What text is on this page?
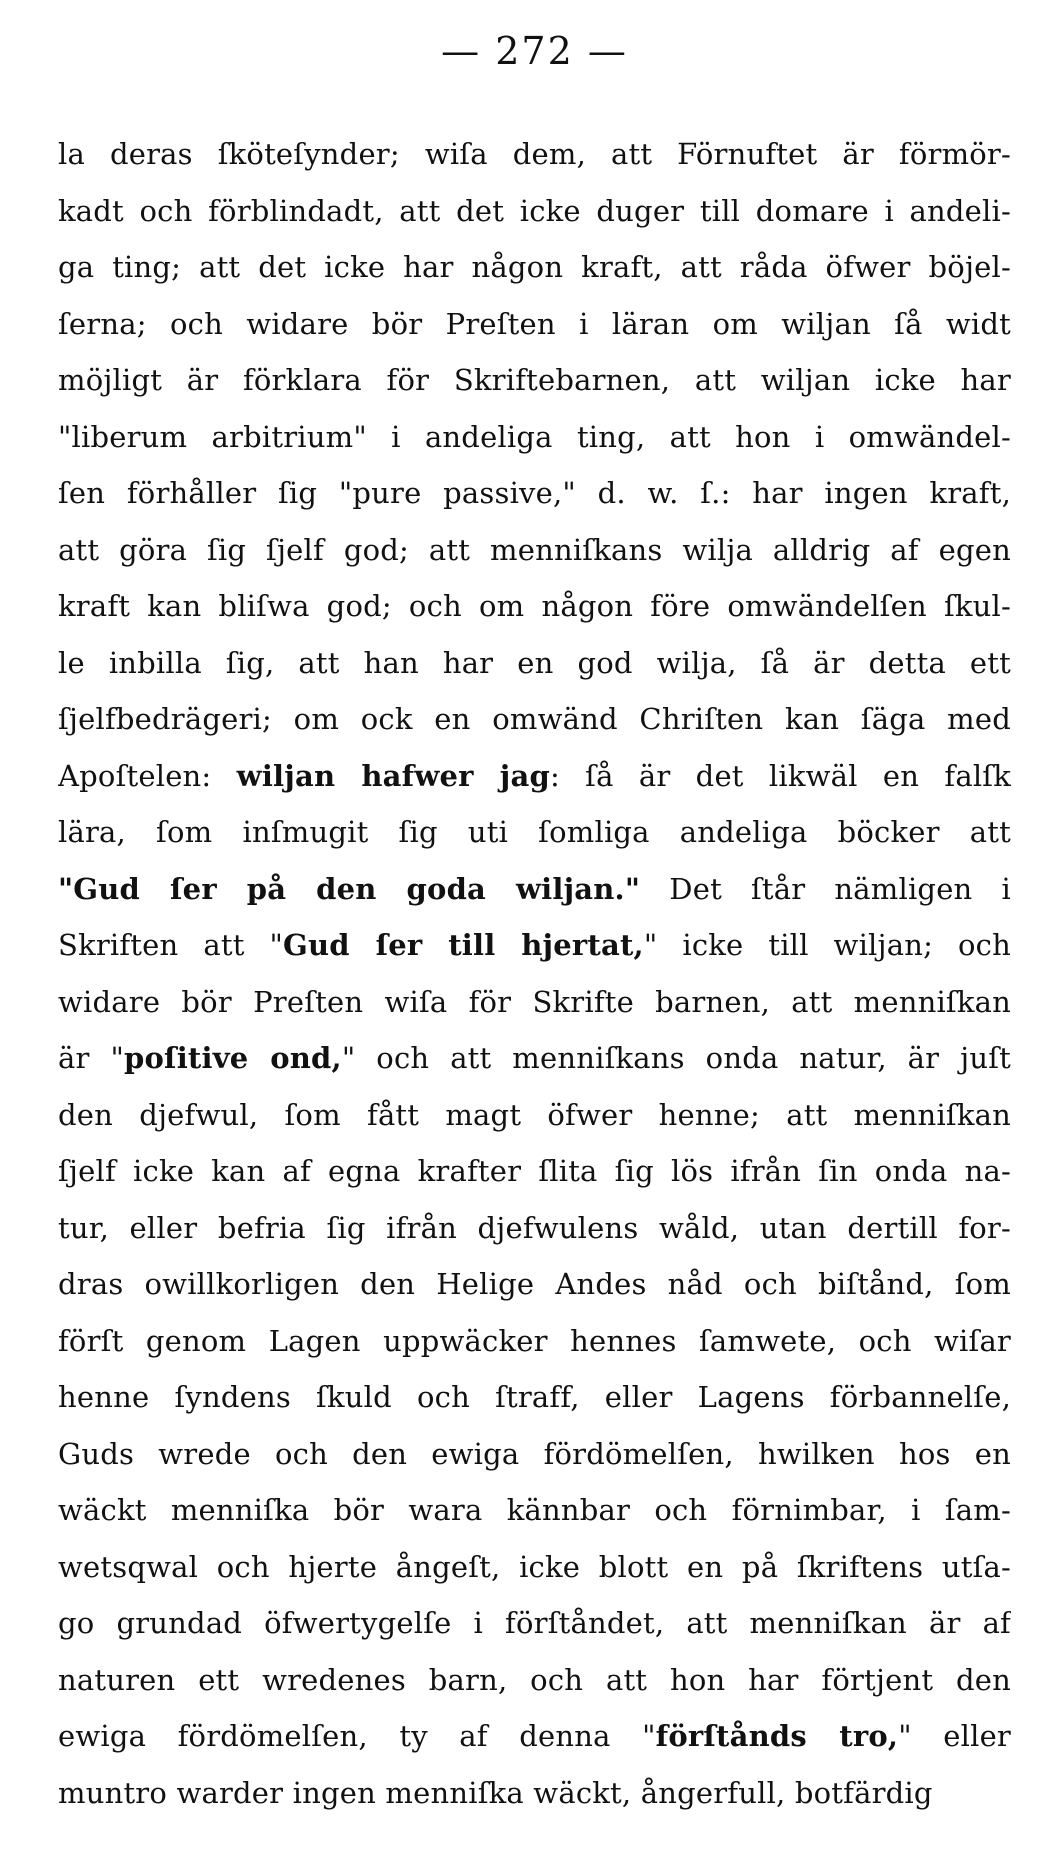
— 272 —
la deras ſköteſynder; wiſa dem, att Förnuftet är förmör-
kadt och förblindadt, att det icke duger till domare i andeli-
ga ting; att det icke har någon kraft, att råda öfwer böjel-
ſerna; och widare bör Preſten i läran om wiljan ſå widt
möjligt är förklara för Skriftebarnen, att wiljan icke har
"liberum arbitrium" i andeliga ting, att hon i omwändel-
ſen förhåller ſig "pure passive," d. w. ſ.: har ingen kraft,
att göra ſig ſjelf god; att menniſkans wilja alldrig af egen
kraft kan bliſwa god; och om någon före omwändelſen ſkul-
le inbilla ſig, att han har en god wilja, ſå är detta ett
ſjelfbedrägeri; om ock en omwänd Chriſten kan ſäga med
Apoſtelen: wiljan hafwer jag: ſå är det likwäl en falſk
lära, ſom inſmugit ſig uti ſomliga andeliga böcker att
"Gud ſer på den goda wiljan." Det ſtår nämligen i
Skriften att "Gud ſer till hjertat," icke till wiljan; och
widare bör Preſten wiſa för Skrifte barnen, att menniſkan
är "poſitive ond," och att menniſkans onda natur, är juſt
den djefwul, ſom fått magt öfwer henne; att menniſkan
ſjelf icke kan af egna krafter ſlita ſig lös ifrån ſin onda na-
tur, eller befria ſig ifrån djefwulens wåld, utan dertill for-
dras owillkorligen den Helige Andes nåd och biſtånd, ſom
förſt genom Lagen uppwäcker hennes ſamwete, och wiſar
henne ſyndens ſkuld och ſtraff, eller Lagens förbannelſe,
Guds wrede och den ewiga fördömelſen, hwilken hos en
wäckt menniſka bör wara kännbar och förnimbar, i ſam-
wetsqwal och hjerte ångeſt, icke blott en på ſkriftens utſa-
go grundad öfwertygelſe i förſtåndet, att menniſkan är af
naturen ett wredenes barn, och att hon har förtjent den
ewiga fördömelſen, ty af denna "förſtånds tro," eller
muntro warder ingen menniſka wäckt, ångerfull, botfärdig
